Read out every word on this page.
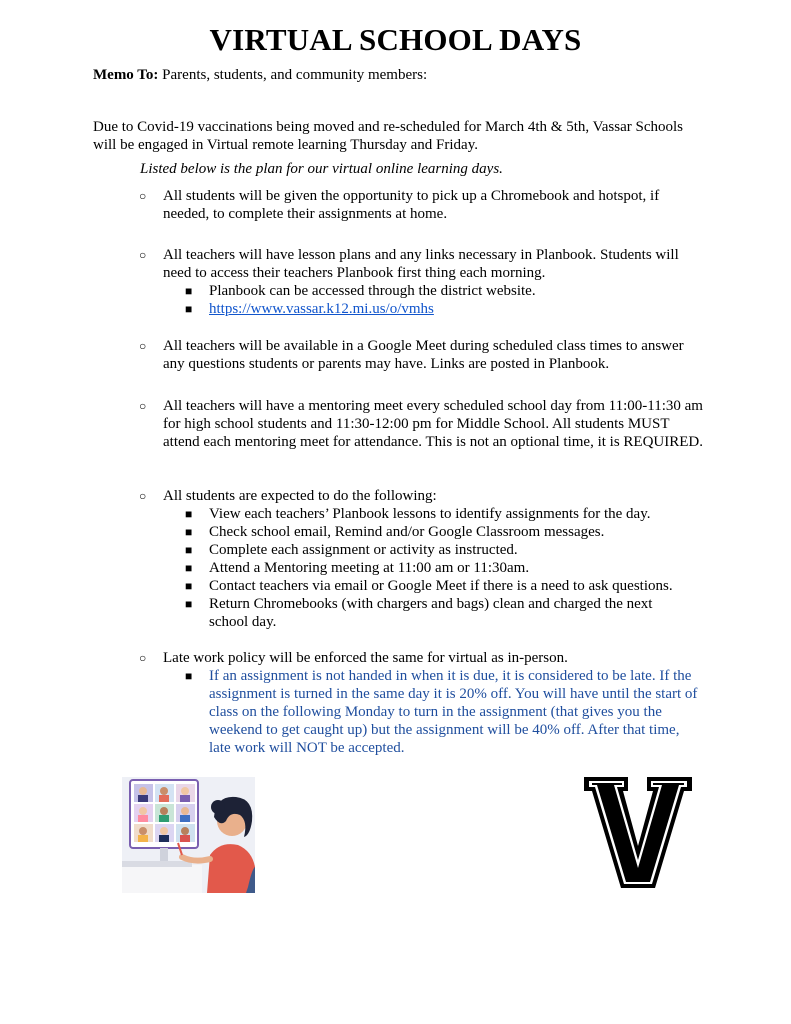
VIRTUAL SCHOOL DAYS
Memo To: Parents, students, and community members:
Due to Covid-19 vaccinations being moved and re-scheduled for March 4th & 5th, Vassar Schools will be engaged in Virtual remote learning Thursday and Friday.
Listed below is the plan for our virtual online learning days.
○ All students will be given the opportunity to pick up a Chromebook and hotspot, if needed, to complete their assignments at home.
○ All teachers will have lesson plans and any links necessary in Planbook. Students will need to access their teachers Planbook first thing each morning.
■ Planbook can be accessed through the district website.
■ https://www.vassar.k12.mi.us/o/vmhs
○ All teachers will be available in a Google Meet during scheduled class times to answer any questions students or parents may have. Links are posted in Planbook.
○ All teachers will have a mentoring meet every scheduled school day from 11:00-11:30 am for high school students and 11:30-12:00 pm for Middle School. All students MUST attend each mentoring meet for attendance. This is not an optional time, it is REQUIRED.
○ All students are expected to do the following:
■ View each teachers’ Planbook lessons to identify assignments for the day.
■ Check school email, Remind and/or Google Classroom messages.
■ Complete each assignment or activity as instructed.
■ Attend a Mentoring meeting at 11:00 am or 11:30am.
■ Contact teachers via email or Google Meet if there is a need to ask questions.
■ Return Chromebooks (with chargers and bags) clean and charged the next school day.
○ Late work policy will be enforced the same for virtual as in-person.
■ If an assignment is not handed in when it is due, it is considered to be late. If the assignment is turned in the same day it is 20% off. You will have until the start of class on the following Monday to turn in the assignment (that gives you the weekend to get caught up) but the assignment will be 40% off. After that time, late work will NOT be accepted.
